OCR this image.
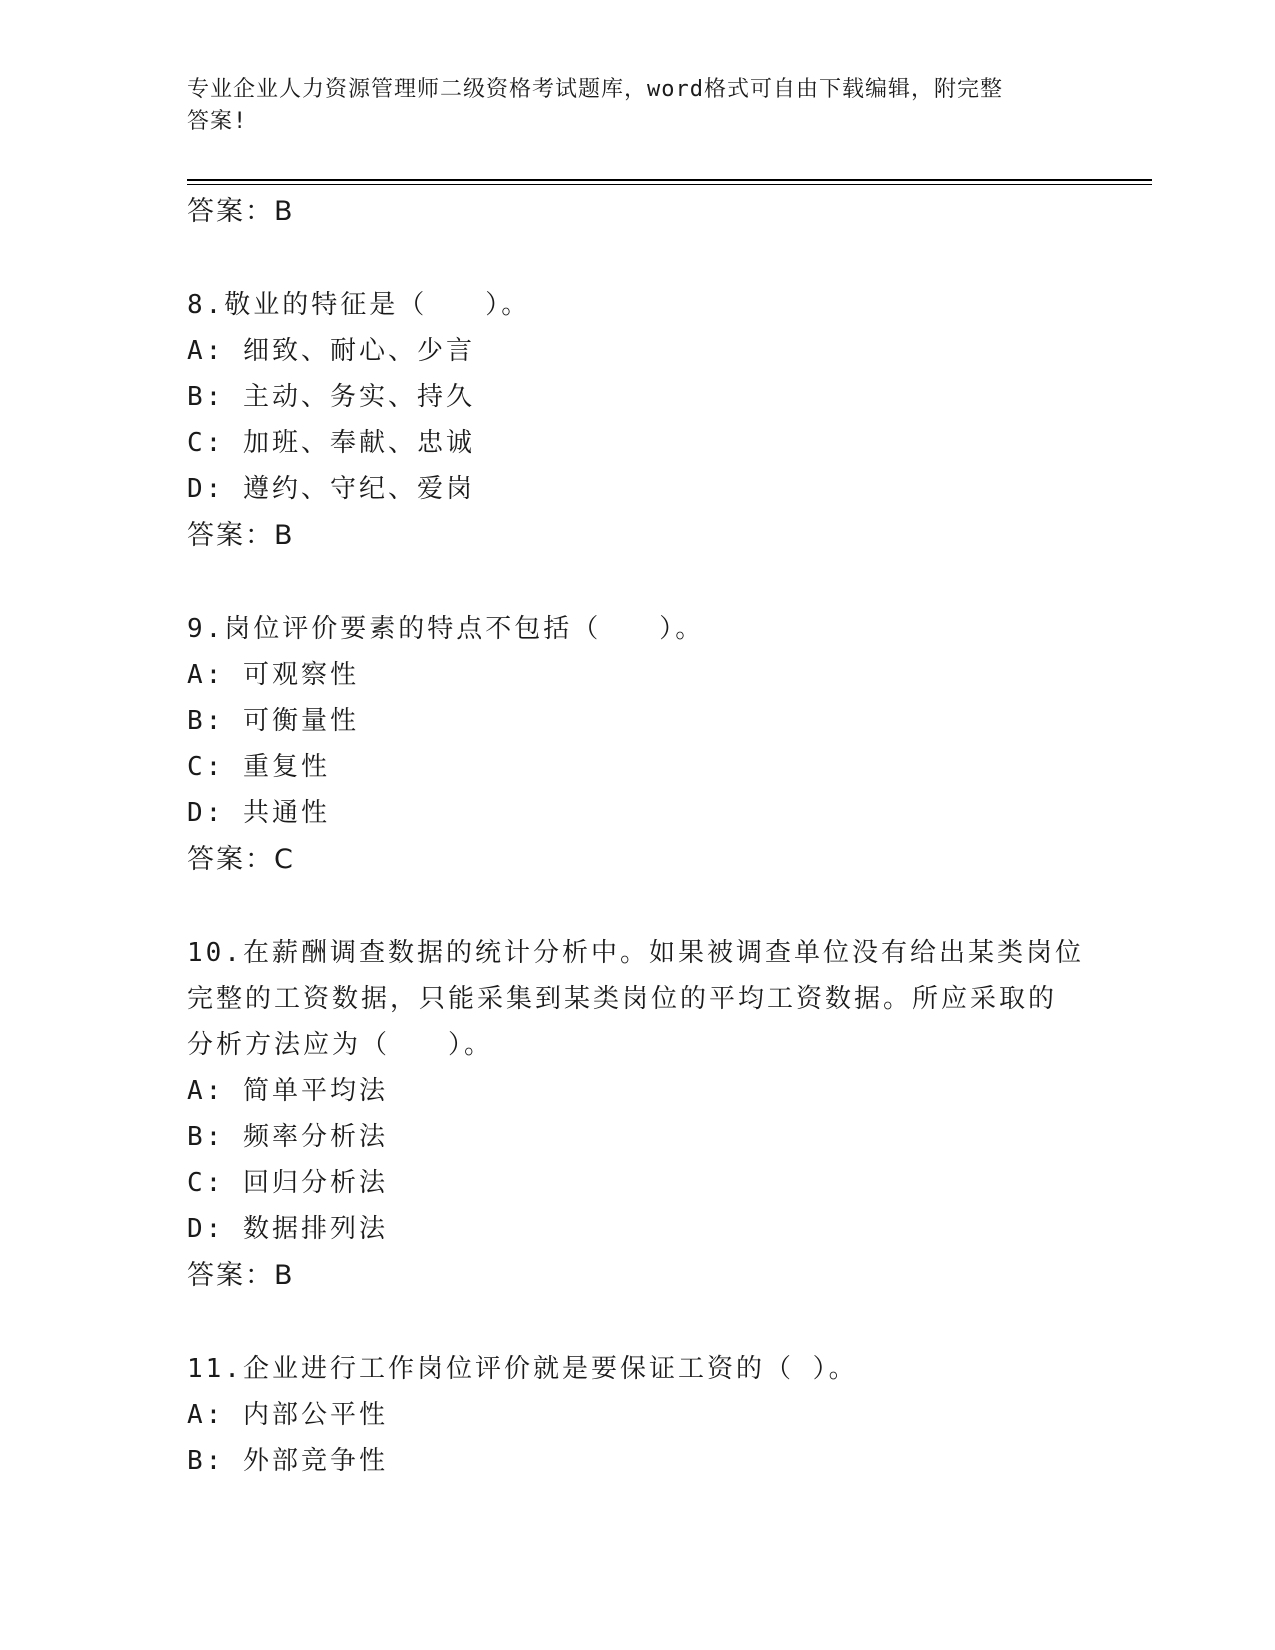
专业企业人力资源管理师二级资格考试题库，word格式可自由下载编辑，附完整
答案!
答案：B
8.敬业的特征是（　　）。
A: 细致、耐心、少言
B: 主动、务实、持久
C: 加班、奉献、忠诚
D: 遵约、守纪、爱岗
答案：B
9.岗位评价要素的特点不包括（　　）。
A: 可观察性
B: 可衡量性
C: 重复性
D: 共通性
答案：C
10.在薪酬调查数据的统计分析中。如果被调查单位没有给出某类岗位
完整的工资数据，只能采集到某类岗位的平均工资数据。所应采取的
分析方法应为（　　）。
A: 简单平均法
B: 频率分析法
C: 回归分析法
D: 数据排列法
答案：B
11.企业进行工作岗位评价就是要保证工资的（ ）。
A: 内部公平性
B: 外部竞争性
